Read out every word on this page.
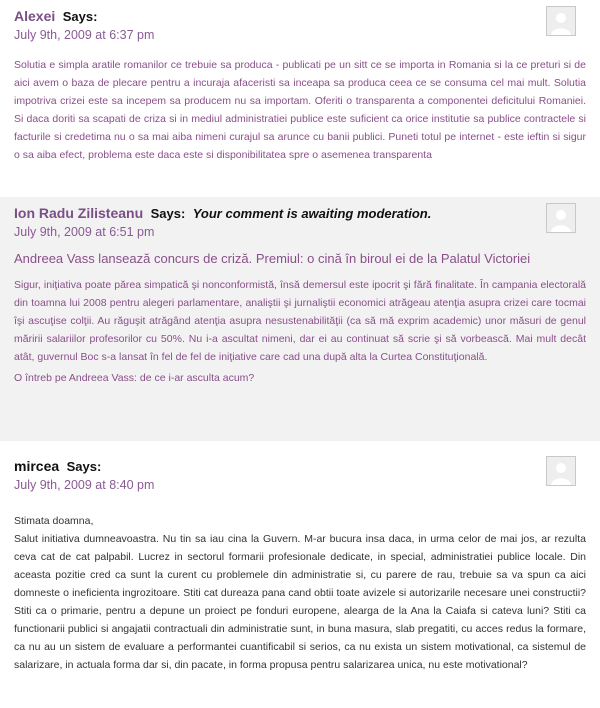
Alexei Says:
July 9th, 2009 at 6:37 pm
Solutia e simpla aratile romanilor ce trebuie sa produca - publicati pe un sitt ce se importa in Romania si la ce preturi si de aici avem o baza de plecare pentru a incuraja afaceristi sa inceapa sa produca ceea ce se consuma cel mai mult. Solutia impotriva crizei este sa incepem sa producem nu sa importam. Oferiti o transparenta a componentei deficitului Romaniei. Si daca doriti sa scapati de criza si in mediul administratiei publice este suficient ca orice institutie sa publice contractele si facturile si credetima nu o sa mai aiba nimeni curajul sa arunce cu banii publici. Puneti totul pe internet - este ieftin si sigur o sa aiba efect, problema este daca este si disponibilitatea spre o asemenea transparenta
Ion Radu Zilisteanu Says: Your comment is awaiting moderation.
July 9th, 2009 at 6:51 pm
Andreea Vass lansează concurs de criză. Premiul: o cină în biroul ei de la Palatul Victoriei
Sigur, iniţiativa poate părea simpatică şi nonconformistă, însă demersul este ipocrit şi fără finalitate. În campania electorală din toamna lui 2008 pentru alegeri parlamentare, analiştii şi jurnaliştii economici atrăgeau atenţia asupra crizei care tocmai îşi ascuţise colţii. Au răguşit atrăgând atenţia asupra nesustenabilităţii (ca să mă exprim academic) unor măsuri de genul măririi salariilor profesorilor cu 50%. Nu i-a ascultat nimeni, dar ei au continuat să scrie şi să vorbească. Mai mult decât atât, guvernul Boc s-a lansat în fel de fel de iniţiative care cad una după alta la Curtea Constituţională.
O întreb pe Andreea Vass: de ce i-ar asculta acum?
mircea Says:
July 9th, 2009 at 8:40 pm
Stimata doamna,
Salut initiativa dumneavoastra. Nu tin sa iau cina la Guvern. M-ar bucura insa daca, in urma celor de mai jos, ar rezulta ceva cat de cat palpabil. Lucrez in sectorul formarii profesionale dedicate, in special, administratiei publice locale. Din aceasta pozitie cred ca sunt la curent cu problemele din administratie si, cu parere de rau, trebuie sa va spun ca aici domneste o ineficienta ingrozitoare. Stiti cat dureaza pana cand obtii toate avizele si autorizarile necesare unei constructii? Stiti ca o primarie, pentru a depune un proiect pe fonduri europene, alearga de la Ana la Caiafa si cateva luni? Stiti ca functionarii publici si angajatii contractuali din administratie sunt, in buna masura, slab pregatiti, cu acces redus la formare, ca nu au un sistem de evaluare a performantei cuantificabil si serios, ca nu exista un sistem motivational, ca sistemul de salarizare, in actuala forma dar si, din pacate, in forma propusa pentru salarizarea unica, nu este motivational?
